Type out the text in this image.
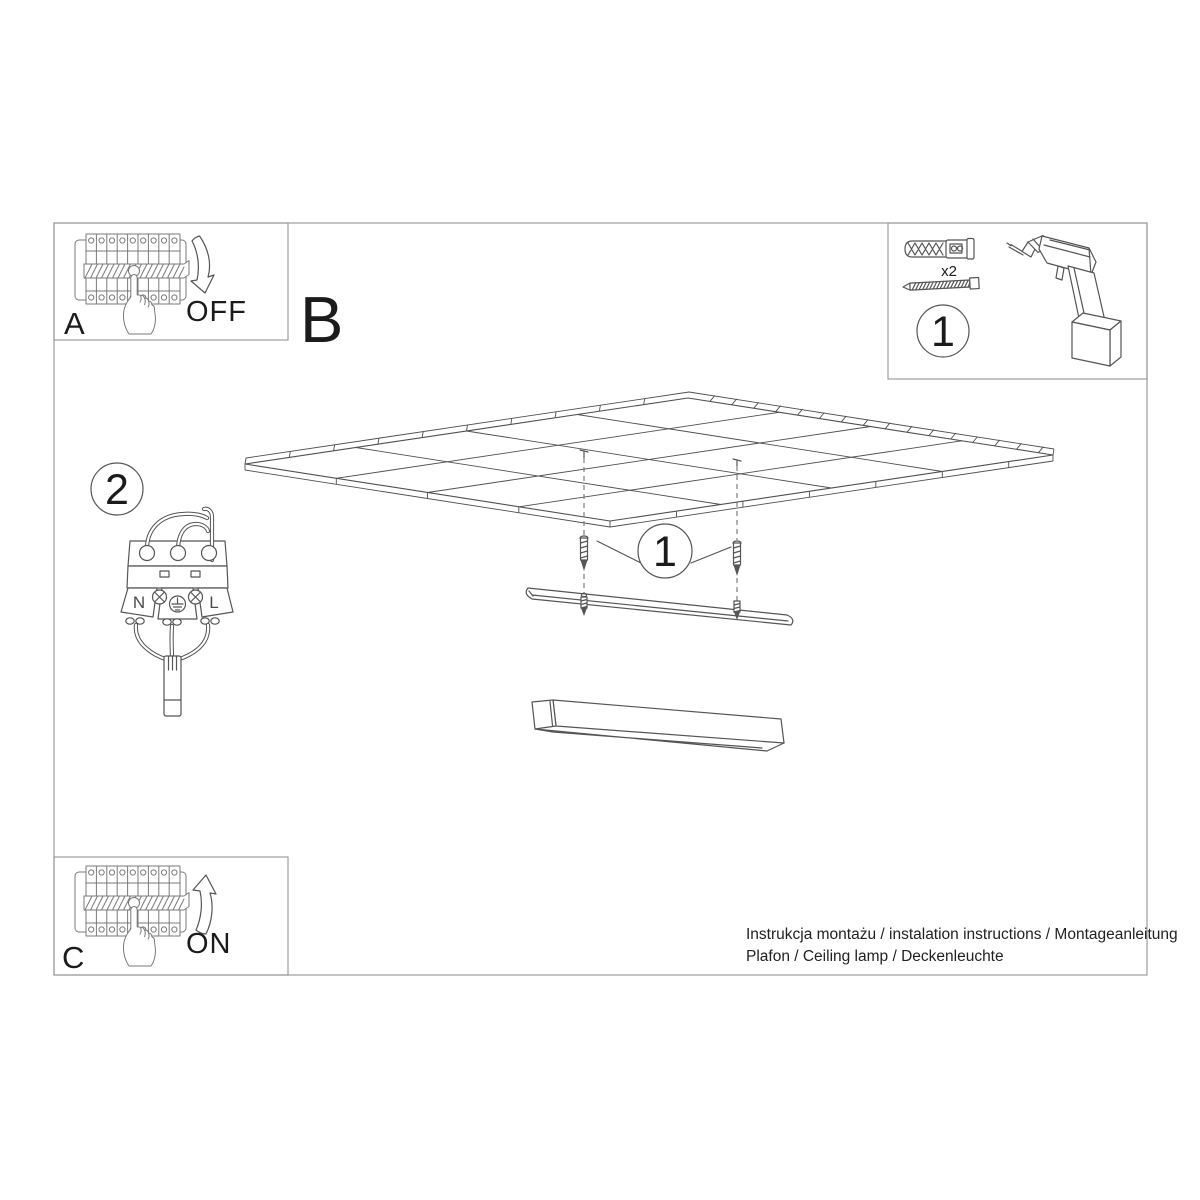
OFF
A	B
x2
1
1
2
N	L
ON
C
Instrukcja montażu / instalation instructions / Montageanleitung
Plafon / Ceiling lamp / Deckenleuchte
